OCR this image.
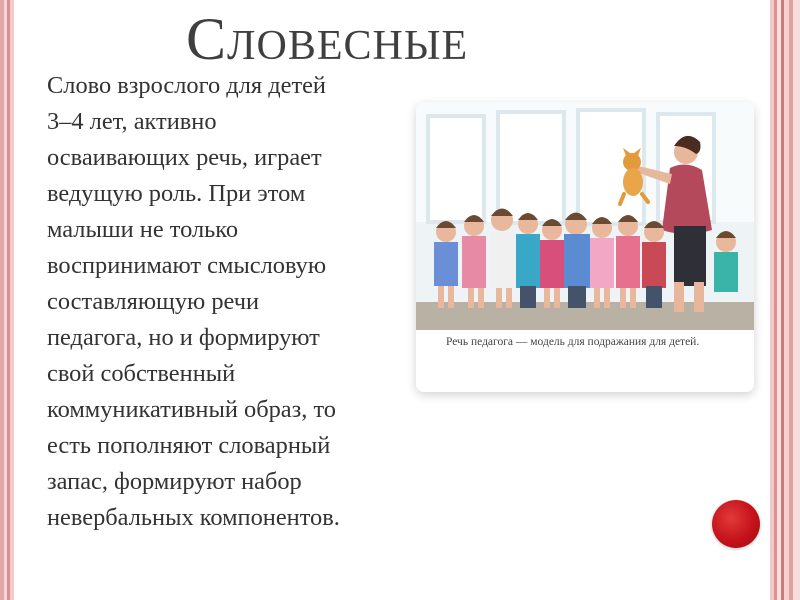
Словесные

Слово взрослого для детей
3–4 лет, активно
осваивающих речь, играет
ведущую роль. При этом
малыши не только
воспринимают смысловую
составляющую речи
педагога, но и формируют
свой собственный
коммуникативный образ, то
есть пополняют словарный
запас, формируют набор
невербальных компонентов.

Речь педагога — модель для подражания для детей.
